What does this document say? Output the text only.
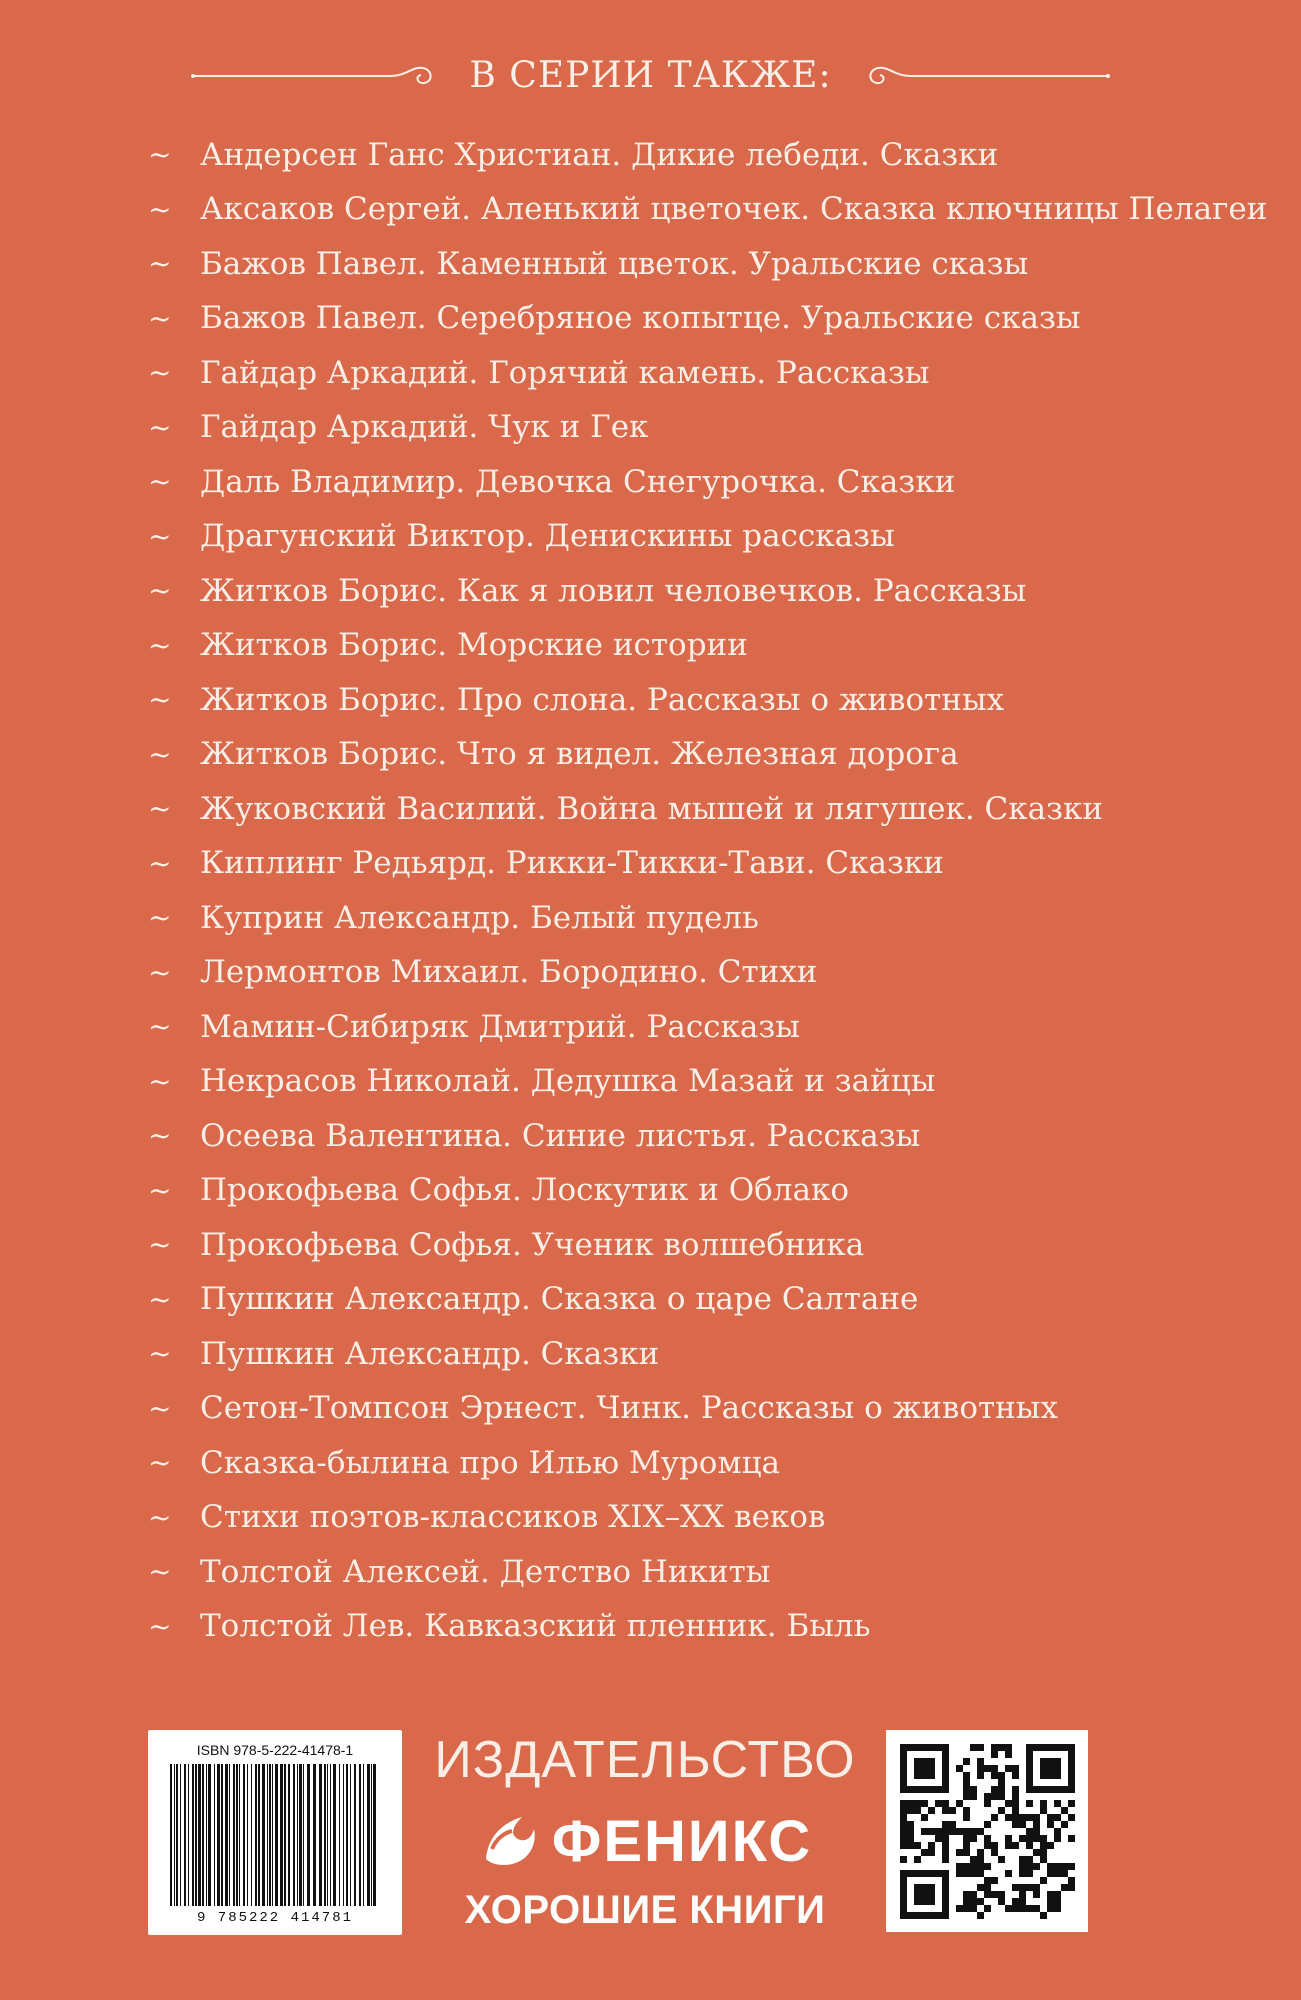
В СЕРИИ ТАКЖЕ:
~ Андерсен Ганс Христиан. Дикие лебеди. Сказки
~ Аксаков Сергей. Аленький цветочек. Сказка ключницы Пелагеи
~ Бажов Павел. Каменный цветок. Уральские сказы
~ Бажов Павел. Серебряное копытце. Уральские сказы
~ Гайдар Аркадий. Горячий камень. Рассказы
~ Гайдар Аркадий. Чук и Гек
~ Даль Владимир. Девочка Снегурочка. Сказки
~ Драгунский Виктор. Денискины рассказы
~ Житков Борис. Как я ловил человечков. Рассказы
~ Житков Борис. Морские истории
~ Житков Борис. Про слона. Рассказы о животных
~ Житков Борис. Что я видел. Железная дорога
~ Жуковский Василий. Война мышей и лягушек. Сказки
~ Киплинг Редьярд. Рикки-Тикки-Тави. Сказки
~ Куприн Александр. Белый пудель
~ Лермонтов Михаил. Бородино. Стихи
~ Мамин-Сибиряк Дмитрий. Рассказы
~ Некрасов Николай. Дедушка Мазай и зайцы
~ Осеева Валентина. Синие листья. Рассказы
~ Прокофьева Софья. Лоскутик и Облако
~ Прокофьева Софья. Ученик волшебника
~ Пушкин Александр. Сказка о царе Салтане
~ Пушкин Александр. Сказки
~ Сетон-Томпсон Эрнест. Чинк. Рассказы о животных
~ Сказка-былина про Илью Муромца
~ Стихи поэтов-классиков XIX–XX веков
~ Толстой Алексей. Детство Никиты
~ Толстой Лев. Кавказский пленник. Быль
ISBN 978-5-222-41478-1
9 785222 414781
ИЗДАТЕЛЬСТВО
ФЕНИКС
ХОРОШИЕ КНИГИ
